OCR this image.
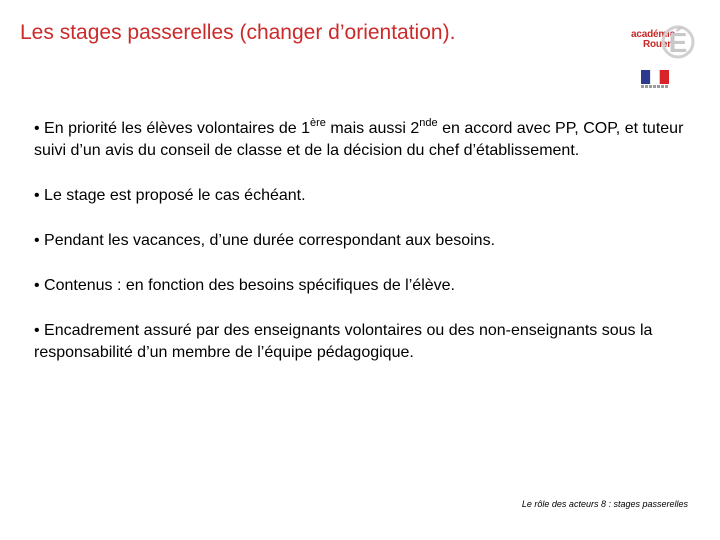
Les stages passerelles (changer d’orientation).	académie
Rouen
É

• En priorité les élèves volontaires de 1ère mais aussi 2nde en accord avec PP, COP, et tuteur suivi d’un avis du conseil de classe et de la décision du chef d’établissement.

• Le stage est proposé le cas échéant.

• Pendant les vacances, d’une durée correspondant aux besoins.

• Contenus : en fonction des besoins spécifiques de l’élève.

• Encadrement assuré par des enseignants volontaires ou des non-enseignants sous la responsabilité d’un membre de l’équipe pédagogique.

Le rôle des acteurs 8 : stages passerelles
